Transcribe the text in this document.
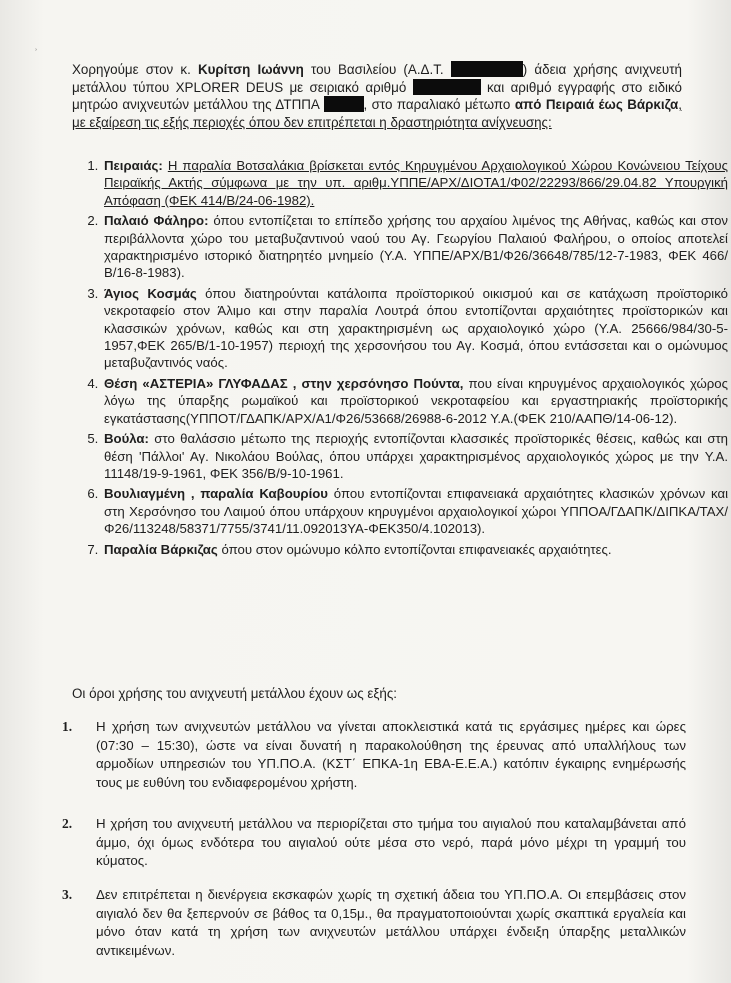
˒
Χορηγούμε στον κ. Κυρίτση Ιωάννη του Βασιλείου (Α.Δ.Τ.	) άδεια χρήσης ανιχνευτή μετάλλου τύπου XPLORER DEUS με σειριακό αριθμό	και αριθμό εγγραφής στο ειδικό μητρώο ανιχνευτών μετάλλου της ΔΤΠΠΑ	, στο παραλιακό μέτωπο από Πειραιά έως Βάρκιζα, με εξαίρεση τις εξής περιοχές όπου δεν επιτρέπεται η δραστηριότητα ανίχνευσης:
1. Πειραιάς: Η παραλία Βοτσαλάκια βρίσκεται εντός Κηρυγμένου Αρχαιολογικού Χώρου Κονώνειου Τείχους Πειραϊκής Ακτής σύμφωνα με την υπ. αριθμ.ΥΠΠΕ/ΑΡΧ/ΔΙΟΤΑ1/Φ02/22293/866/29.04.82 Υπουργική Απόφαση (ΦΕΚ 414/Β/24-06-1982).
2. Παλαιό Φάληρο: όπου εντοπίζεται το επίπεδο χρήσης του αρχαίου λιμένος της Αθήνας, καθώς και στον περιβάλλοντα χώρο του μεταβυζαντινού ναού του Αγ. Γεωργίου Παλαιού Φαλήρου, ο οποίος αποτελεί χαρακτηρισμένο ιστορικό διατηρητέο μνημείο (Υ.Α. ΥΠΠΕ/ΑΡΧ/Β1/Φ26/36648/785/12-7-1983, ΦΕΚ 466/Β/16-8-1983).
3. Άγιος Κοσμάς όπου διατηρούνται κατάλοιπα προϊστορικού οικισμού και σε κατάχωση προϊστορικό νεκροταφείο στον Άλιμο και στην παραλία Λουτρά όπου εντοπίζονται αρχαιότητες προϊστορικών και κλασσικών χρόνων, καθώς και στη χαρακτηρισμένη ως αρχαιολογικό χώρο (Υ.Α. 25666/984/30-5-1957,ΦΕΚ 265/Β/1-10-1957) περιοχή της χερσονήσου του Αγ. Κοσμά, όπου εντάσσεται και ο ομώνυμος μεταβυζαντινός ναός.
4. Θέση «ΑΣΤΕΡΙΑ» ΓΛΥΦΑΔΑΣ , στην χερσόνησο Πούντα, που είναι κηρυγμένος αρχαιολογικός χώρος λόγω της ύπαρξης ρωμαϊκού και προϊστορικού νεκροταφείου και εργαστηριακής προϊστορικής εγκατάστασης(ΥΠΠΟΤ/ΓΔΑΠΚ/ΑΡΧ/Α1/Φ26/53668/26988-6-2012 Υ.Α.(ΦΕΚ 210/ΑΑΠΘ/14-06-12).
5. Βούλα: στο θαλάσσιο μέτωπο της περιοχής εντοπίζονται κλασσικές προϊστορικές θέσεις, καθώς και στη θέση 'Πάλλοι' Αγ. Νικολάου Βούλας, όπου υπάρχει χαρακτηρισμένος αρχαιολογικός χώρος με την Υ.Α. 11148/19-9-1961, ΦΕΚ 356/Β/9-10-1961.
6. Βουλιαγμένη , παραλία Καβουρίου όπου εντοπίζονται επιφανειακά αρχαιότητες κλασικών χρόνων και στη Χερσόνησο του Λαιμού όπου υπάρχουν κηρυγμένοι αρχαιολογικοί χώροι ΥΠΠΟΑ/ΓΔΑΠΚ/ΔΙΠΚΑ/ΤΑΧ/Φ26/113248/58371/7755/3741/11.092013ΥΑ-ΦΕΚ350/4.102013).
7. Παραλία Βάρκιζας όπου στον ομώνυμο κόλπο εντοπίζονται επιφανειακές αρχαιότητες.
Οι όροι χρήσης του ανιχνευτή μετάλλου έχουν ως εξής:
1. Η χρήση των ανιχνευτών μετάλλου να γίνεται αποκλειστικά κατά τις εργάσιμες ημέρες και ώρες (07:30 – 15:30), ώστε να είναι δυνατή η παρακολούθηση της έρευνας από υπαλλήλους των αρμοδίων υπηρεσιών του ΥΠ.ΠΟ.Α. (ΚΣΤ΄ ΕΠΚΑ-1η ΕΒΑ-Ε.Ε.Α.) κατόπιν έγκαιρης ενημέρωσής τους με ευθύνη του ενδιαφερομένου χρήστη.
2. Η χρήση του ανιχνευτή μετάλλου να περιορίζεται στο τμήμα του αιγιαλού που καταλαμβάνεται από άμμο, όχι όμως ενδότερα του αιγιαλού ούτε μέσα στο νερό, παρά μόνο μέχρι τη γραμμή του κύματος.
3. Δεν επιτρέπεται η διενέργεια εκσκαφών χωρίς τη σχετική άδεια του ΥΠ.ΠΟ.Α. Οι επεμβάσεις στον αιγιαλό δεν θα ξεπερνούν σε βάθος τα 0,15μ., θα πραγματοποιούνται χωρίς σκαπτικά εργαλεία και μόνο όταν κατά τη χρήση των ανιχνευτών μετάλλου υπάρχει ένδειξη ύπαρξης μεταλλικών αντικειμένων.
